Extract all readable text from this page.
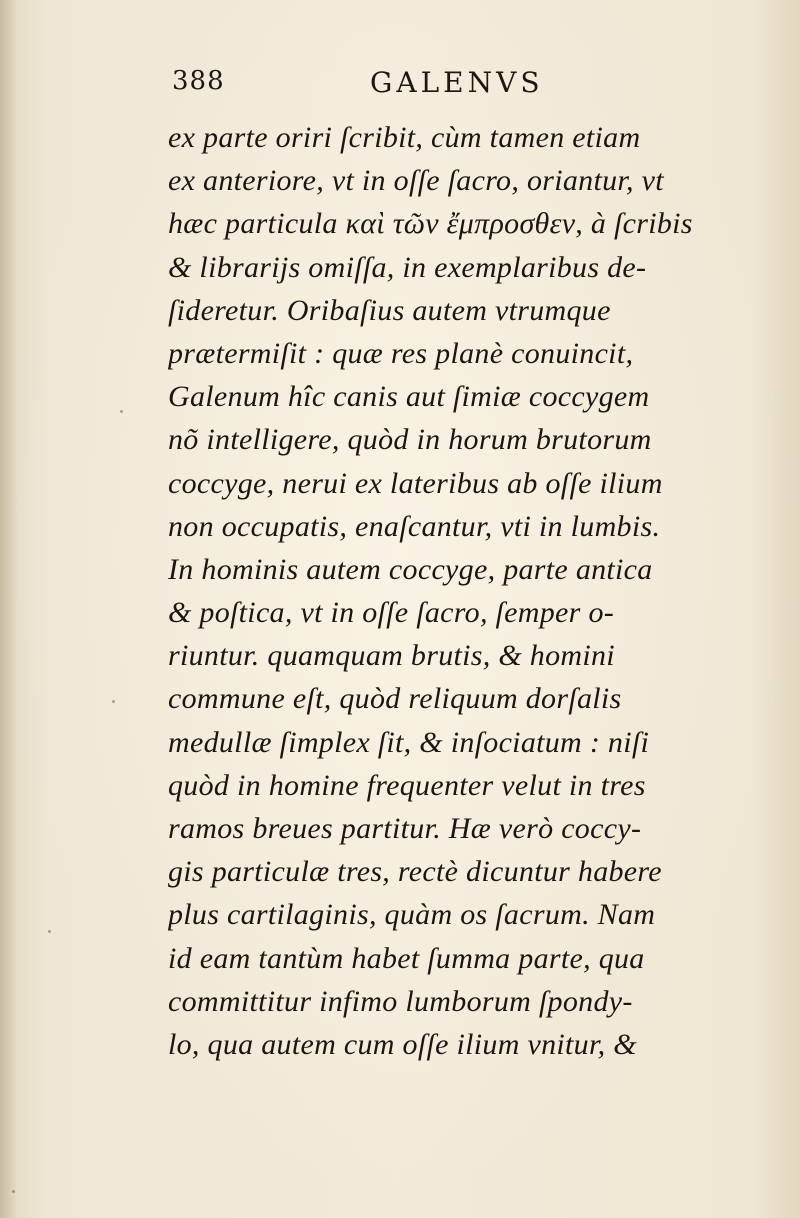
388	GALENVS
ex parte oriri ſcribit, cùm tamen etiam
ex anteriore, vt in oſſe ſacro, oriantur, vt
hæc particula καὶ τῶν ἔμπροσθεν, à ſcribis
& librarijs omiſſa, in exemplaribus de-
ſideretur. Oribaſius autem vtrumque
prætermiſit : quæ res planè conuincit,
Galenum hîc canis aut ſimiæ coccygem
nõ intelligere, quòd in horum brutorum
coccyge, nerui ex lateribus ab oſſe ilium
non occupatis, enaſcantur, vti in lumbis.
In hominis autem coccyge, parte antica
& poſtica, vt in oſſe ſacro, ſemper o-
riuntur. quamquam brutis, & homini
commune eſt, quòd reliquum dorſalis
medullæ ſimplex ſit, & inſociatum : niſi
quòd in homine frequenter velut in tres
ramos breues partitur. Hæ verò coccy-
gis particulæ tres, rectè dicuntur habere
plus cartilaginis, quàm os ſacrum. Nam
id eam tantùm habet ſumma parte, qua
committitur infimo lumborum ſpondy-
lo, qua autem cum oſſe ilium vnitur, &
